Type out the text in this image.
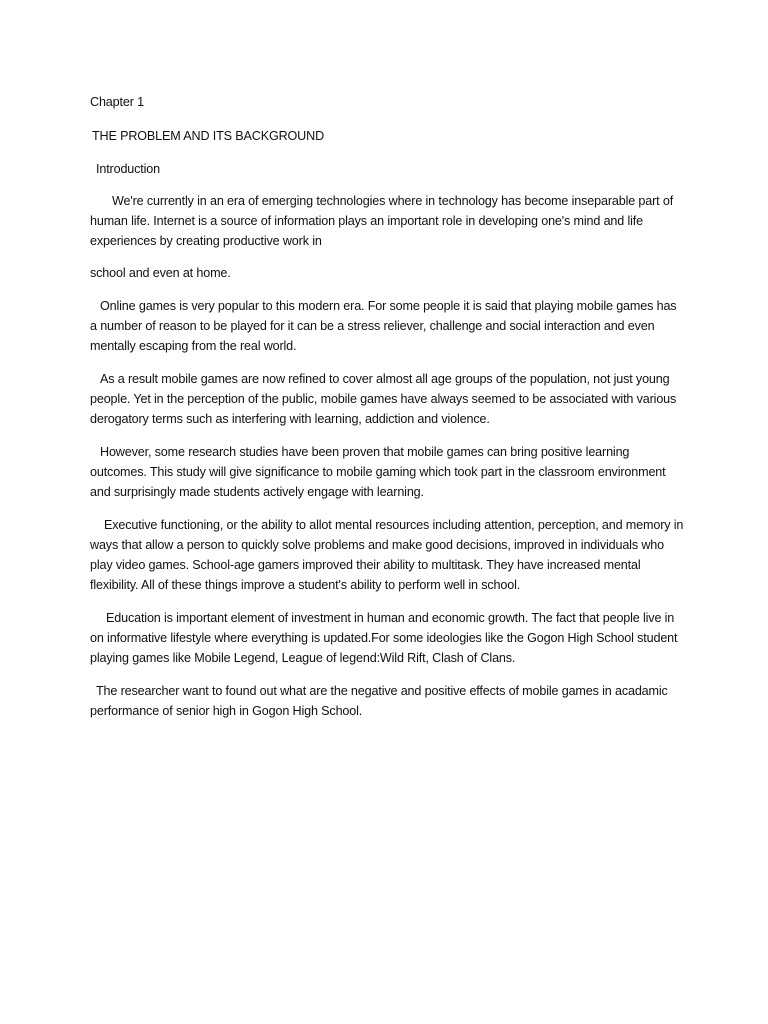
Chapter 1

THE PROBLEM AND ITS BACKGROUND

Introduction

We're currently in an era of emerging technologies where in technology has become inseparable part of human life. Internet is a source of information plays an important role in developing one's mind and life experiences by creating productive work in

school and even at home.

Online games is very popular to this modern era. For some people it is said that playing mobile games has a number of reason to be played for it can be a stress reliever, challenge and social interaction and even mentally escaping from the real world.

As a result mobile games are now refined to cover almost all age groups of the population, not just young people. Yet in the perception of the public, mobile games have always seemed to be associated with various derogatory terms such as interfering with learning, addiction and violence.

However, some research studies have been proven that mobile games can bring positive learning outcomes. This study will give significance to mobile gaming which took part in the classroom environment and surprisingly made students actively engage with learning.

Executive functioning, or the ability to allot mental resources including attention, perception, and memory in ways that allow a person to quickly solve problems and make good decisions, improved in individuals who play video games. School-age gamers improved their ability to multitask. They have increased mental flexibility. All of these things improve a student's ability to perform well in school.

Education is important element of investment in human and economic growth. The fact that people live in on informative lifestyle where everything is updated.For some ideologies like the Gogon High School student playing games like Mobile Legend, League of legend:Wild Rift, Clash of Clans.

The researcher want to found out what are the negative and positive effects of mobile games in acadamic performance of senior high in Gogon High School.
